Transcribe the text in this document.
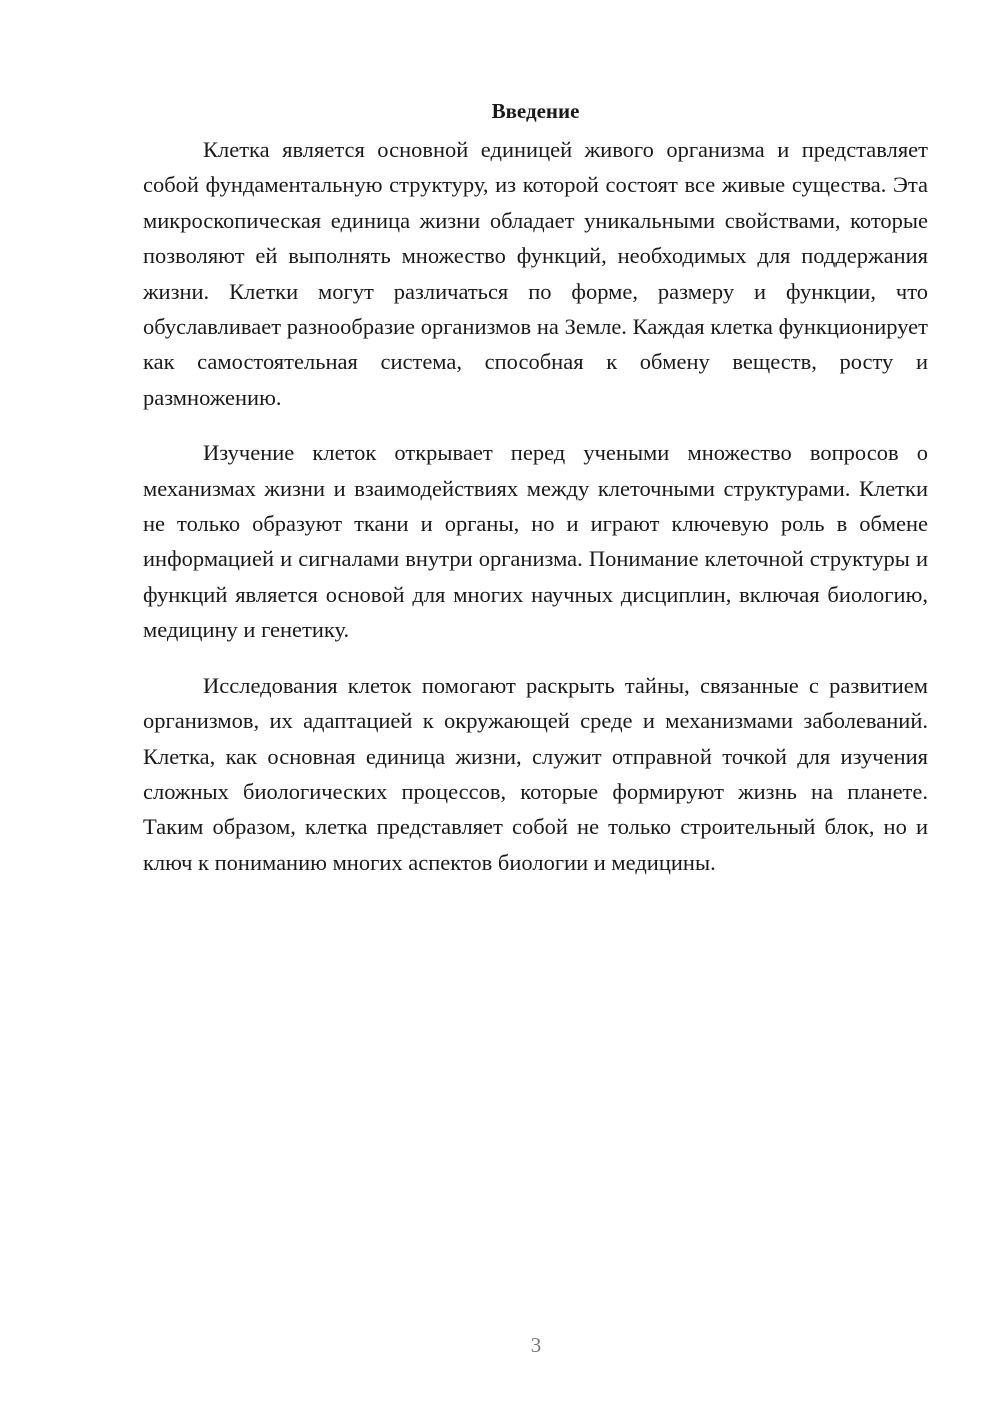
Введение

Клетка является основной единицей живого организма и представляет собой фундаментальную структуру, из которой состоят все живые существа. Эта микроскопическая единица жизни обладает уникальными свойствами, которые позволяют ей выполнять множество функций, необходимых для поддержания жизни. Клетки могут различаться по форме, размеру и функции, что обуславливает разнообразие организмов на Земле. Каждая клетка функционирует как самостоятельная система, способная к обмену веществ, росту и размножению.

Изучение клеток открывает перед учеными множество вопросов о механизмах жизни и взаимодействиях между клеточными структурами. Клетки не только образуют ткани и органы, но и играют ключевую роль в обмене информацией и сигналами внутри организма. Понимание клеточной структуры и функций является основой для многих научных дисциплин, включая биологию, медицину и генетику.

Исследования клеток помогают раскрыть тайны, связанные с развитием организмов, их адаптацией к окружающей среде и механизмами заболеваний. Клетка, как основная единица жизни, служит отправной точкой для изучения сложных биологических процессов, которые формируют жизнь на планете. Таким образом, клетка представляет собой не только строительный блок, но и ключ к пониманию многих аспектов биологии и медицины.

3
